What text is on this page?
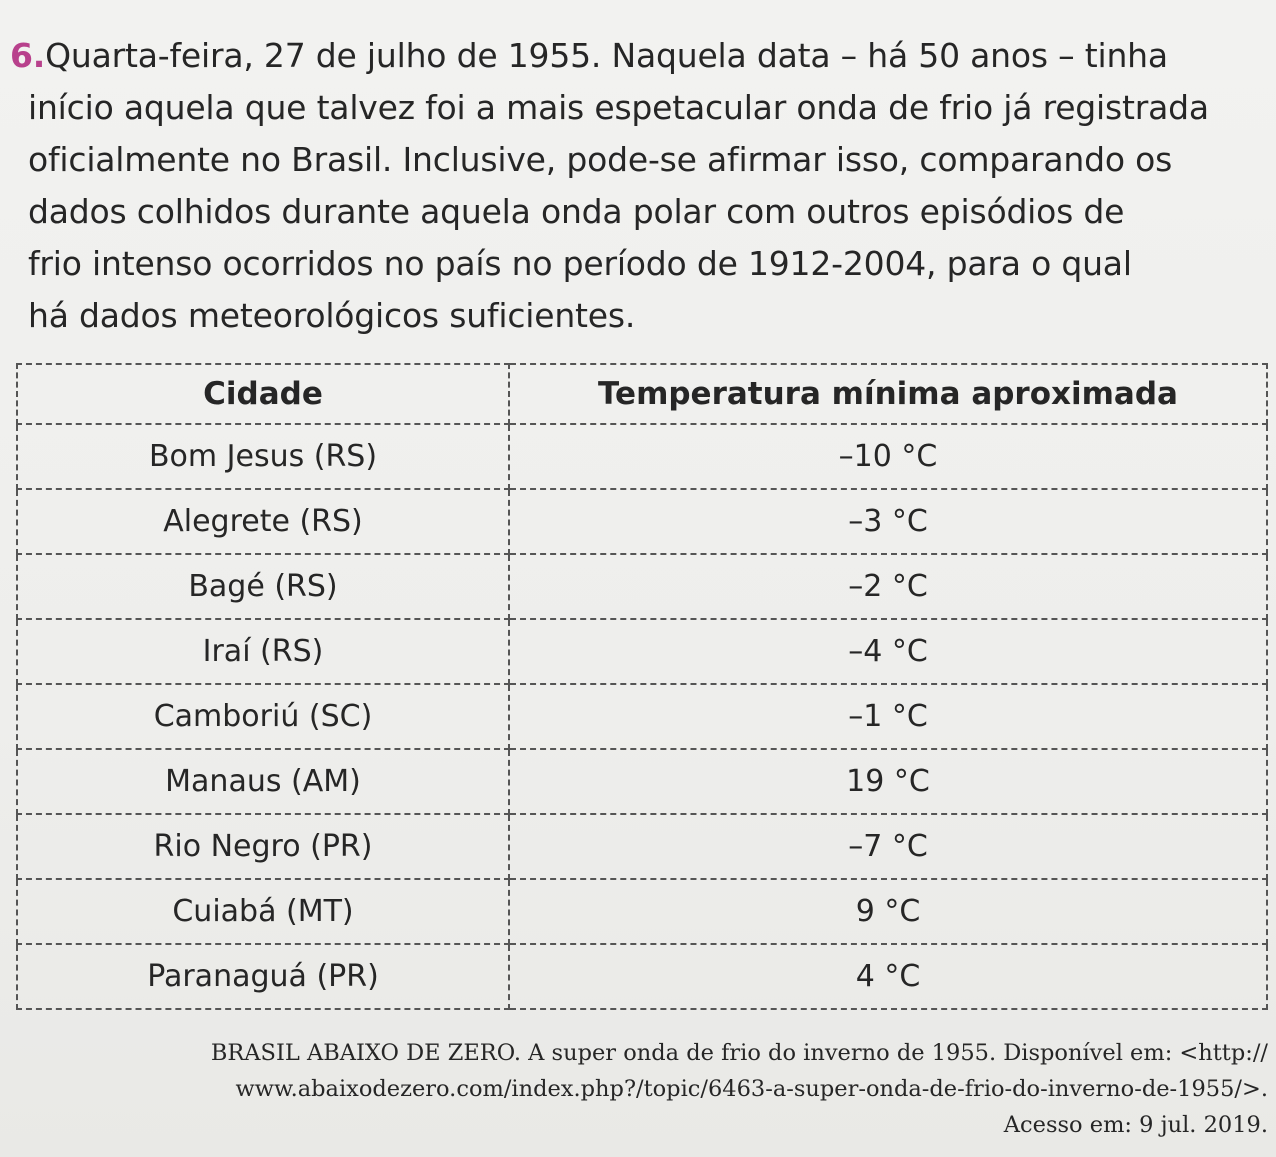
6.Quarta-feira, 27 de julho de 1955. Naquela data – há 50 anos – tinha
início aquela que talvez foi a mais espetacular onda de frio já registrada
oficialmente no Brasil. Inclusive, pode-se afirmar isso, comparando os
dados colhidos durante aquela onda polar com outros episódios de
frio intenso ocorridos no país no período de 1912-2004, para o qual
há dados meteorológicos suficientes.

Cidade	Temperatura mínima aproximada
Bom Jesus (RS)	–10 °C
Alegrete (RS)	–3 °C
Bagé (RS)	–2 °C
Iraí (RS)	–4 °C
Camboriú (SC)	–1 °C
Manaus (AM)	19 °C
Rio Negro (PR)	–7 °C
Cuiabá (MT)	9 °C
Paranaguá (PR)	4 °C
BRASIL ABAIXO DE ZERO. A super onda de frio do inverno de 1955. Disponível em: <http://
www.abaixodezero.com/index.php?/topic/6463-a-super-onda-de-frio-do-inverno-de-1955/>.
Acesso em: 9 jul. 2019.
